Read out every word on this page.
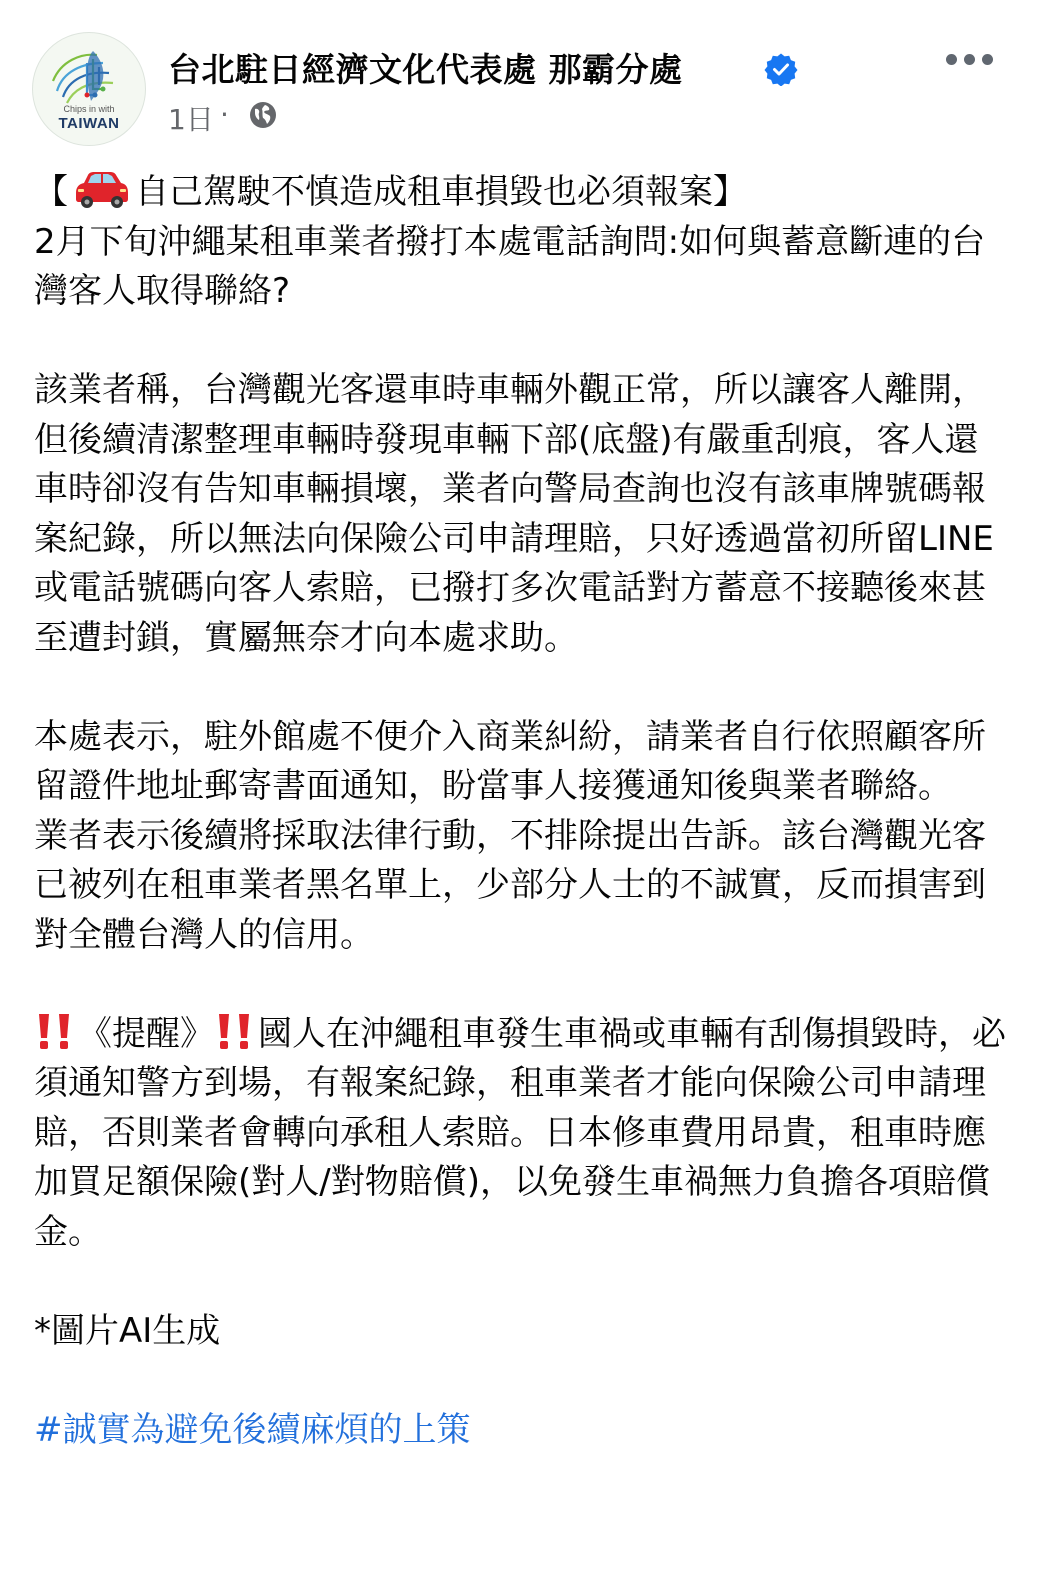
Chips in with
TAIWAN
台北駐日經濟文化代表處 那霸分處
1日 ·

【 自己駕駛不慎造成租車損毀也必須報案】

2月下旬沖繩某租車業者撥打本處電話詢問:如何與蓄意斷連的台灣客人取得聯絡?

該業者稱，台灣觀光客還車時車輛外觀正常，所以讓客人離開，但後續清潔整理車輛時發現車輛下部(底盤)有嚴重刮痕，客人還車時卻沒有告知車輛損壞，業者向警局查詢也沒有該車牌號碼報案紀錄，所以無法向保險公司申請理賠，只好透過當初所留LINE或電話號碼向客人索賠，已撥打多次電話對方蓄意不接聽後來甚至遭封鎖，實屬無奈才向本處求助。

本處表示，駐外館處不便介入商業糾紛，請業者自行依照顧客所留證件地址郵寄書面通知，盼當事人接獲通知後與業者聯絡。

業者表示後續將採取法律行動，不排除提出告訴。該台灣觀光客已被列在租車業者黑名單上，少部分人士的不誠實，反而損害到對全體台灣人的信用。

《提醒》 國人在沖繩租車發生車禍或車輛有刮傷損毀時，必須通知警方到場，有報案紀錄，租車業者才能向保險公司申請理賠，否則業者會轉向承租人索賠。日本修車費用昂貴，租車時應加買足額保險(對人/對物賠償)，以免發生車禍無力負擔各項賠償金。

*圖片AI生成

#誠實為避免後續麻煩的上策
